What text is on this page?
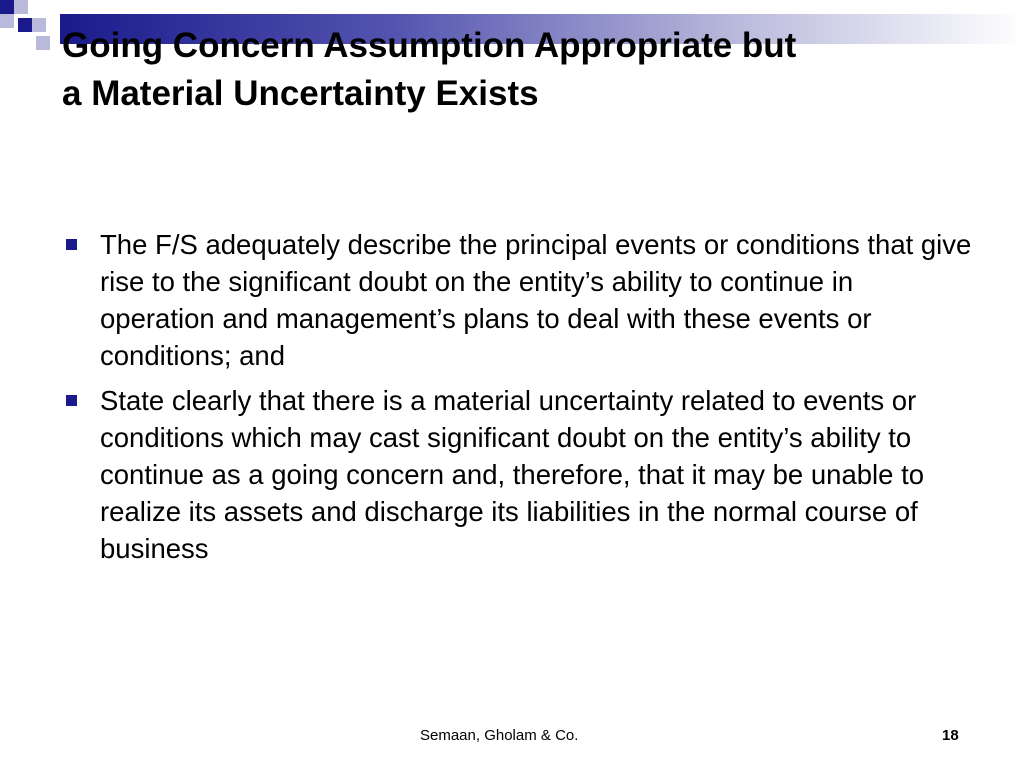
Going Concern Assumption Appropriate but
a Material Uncertainty Exists
The F/S adequately describe the principal events or conditions that give rise to the significant doubt on the entity’s ability to continue in operation and management’s plans to deal with these events or conditions; and
State clearly that there is a material uncertainty related to events or conditions which may cast significant doubt on the entity’s ability to continue as a going concern and, therefore, that it may be unable to realize its assets and discharge its liabilities in the normal course of business
Semaan, Gholam & Co.	18
